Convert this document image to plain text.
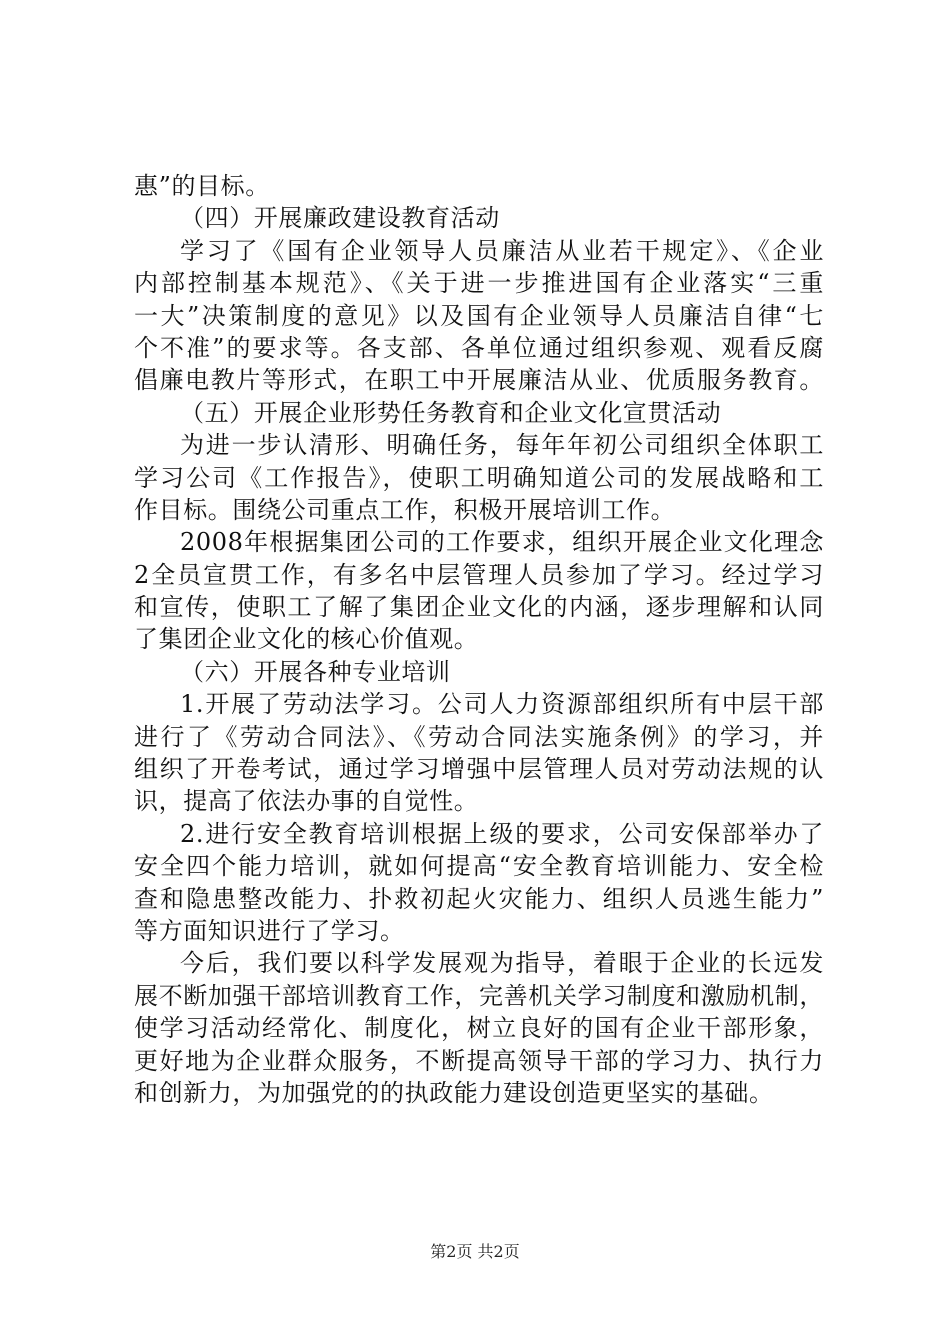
惠”的目标。
（四）开展廉政建设教育活动
学习了《国有企业领导人员廉洁从业若干规定》、《企业
内部控制基本规范》、《关于进一步推进国有企业落实“三重
一大”决策制度的意见》以及国有企业领导人员廉洁自律“七
个不准”的要求等。各支部、各单位通过组织参观、观看反腐
倡廉电教片等形式，在职工中开展廉洁从业、优质服务教育。
（五）开展企业形势任务教育和企业文化宣贯活动
为进一步认清形、明确任务，每年年初公司组织全体职工
学习公司《工作报告》，使职工明确知道公司的发展战略和工
作目标。围绕公司重点工作，积极开展培训工作。
2008年根据集团公司的工作要求，组织开展企业文化理念
2全员宣贯工作，有多名中层管理人员参加了学习。经过学习
和宣传，使职工了解了集团企业文化的内涵，逐步理解和认同
了集团企业文化的核心价值观。
（六）开展各种专业培训
1.开展了劳动法学习。公司人力资源部组织所有中层干部
进行了《劳动合同法》、《劳动合同法实施条例》的学习，并
组织了开卷考试，通过学习增强中层管理人员对劳动法规的认
识，提高了依法办事的自觉性。
2.进行安全教育培训根据上级的要求，公司安保部举办了
安全四个能力培训，就如何提高“安全教育培训能力、安全检
查和隐患整改能力、扑救初起火灾能力、组织人员逃生能力”
等方面知识进行了学习。
今后，我们要以科学发展观为指导，着眼于企业的长远发
展不断加强干部培训教育工作，完善机关学习制度和激励机制，
使学习活动经常化、制度化，树立良好的国有企业干部形象，
更好地为企业群众服务，不断提高领导干部的学习力、执行力
和创新力，为加强党的的执政能力建设创造更坚实的基础。
第2页 共2页
